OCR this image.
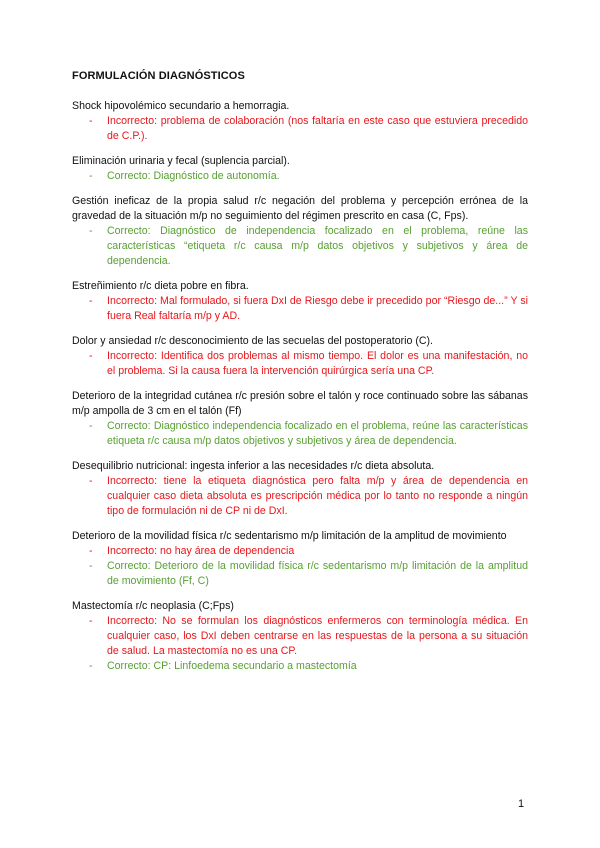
FORMULACIÓN DIAGNÓSTICOS

Shock hipovolémico secundario a hemorragia.

- Incorrecto: problema de colaboración (nos faltaría en este caso que estuviera precedido de C.P.).

Eliminación urinaria y fecal (suplencia parcial).

- Correcto: Diagnóstico de autonomía.

Gestión ineficaz de la propia salud r/c negación del problema y percepción errónea de la gravedad de la situación m/p no seguimiento del régimen prescrito en casa (C, Fps).

- Correcto: Diagnóstico de independencia focalizado en el problema, reúne las características “etiqueta r/c causa m/p datos objetivos y subjetivos y área de dependencia.

Estreñimiento r/c dieta pobre en fibra.

- Incorrecto: Mal formulado, si fuera DxI de Riesgo debe ir precedido por “Riesgo de...” Y si fuera Real faltaría m/p y AD.

Dolor y ansiedad r/c desconocimiento de las secuelas del postoperatorio (C).

- Incorrecto: Identifica dos problemas al mismo tiempo. El dolor es una manifestación, no el problema. Si la causa fuera la intervención quirúrgica sería una CP.

Deterioro de la integridad cutánea r/c presión sobre el talón y roce continuado sobre las sábanas m/p ampolla de 3 cm en el talón (Ff)

- Correcto: Diagnóstico independencia focalizado en el problema, reúne las características etiqueta r/c causa m/p datos objetivos y subjetivos y área de dependencia.

Desequilibrio nutricional: ingesta inferior a las necesidades r/c dieta absoluta.

- Incorrecto: tiene la etiqueta diagnóstica pero falta m/p y área de dependencia en cualquier caso dieta absoluta es prescripción médica por lo tanto no responde a ningún tipo de formulación ni de CP ni de DxI.

Deterioro de la movilidad física r/c sedentarismo m/p limitación de la amplitud de movimiento

- Incorrecto: no hay área de dependencia
- Correcto: Deterioro de la movilidad física r/c sedentarismo m/p limitación de la amplitud de movimiento (Ff, C)

Mastectomía r/c neoplasia (C;Fps)

- Incorrecto: No se formulan los diagnósticos enfermeros con terminología médica. En cualquier caso, los DxI deben centrarse en las respuestas de la persona a su situación de salud. La mastectomía no es una CP.
- Correcto: CP: Linfoedema secundario a mastectomía
1
